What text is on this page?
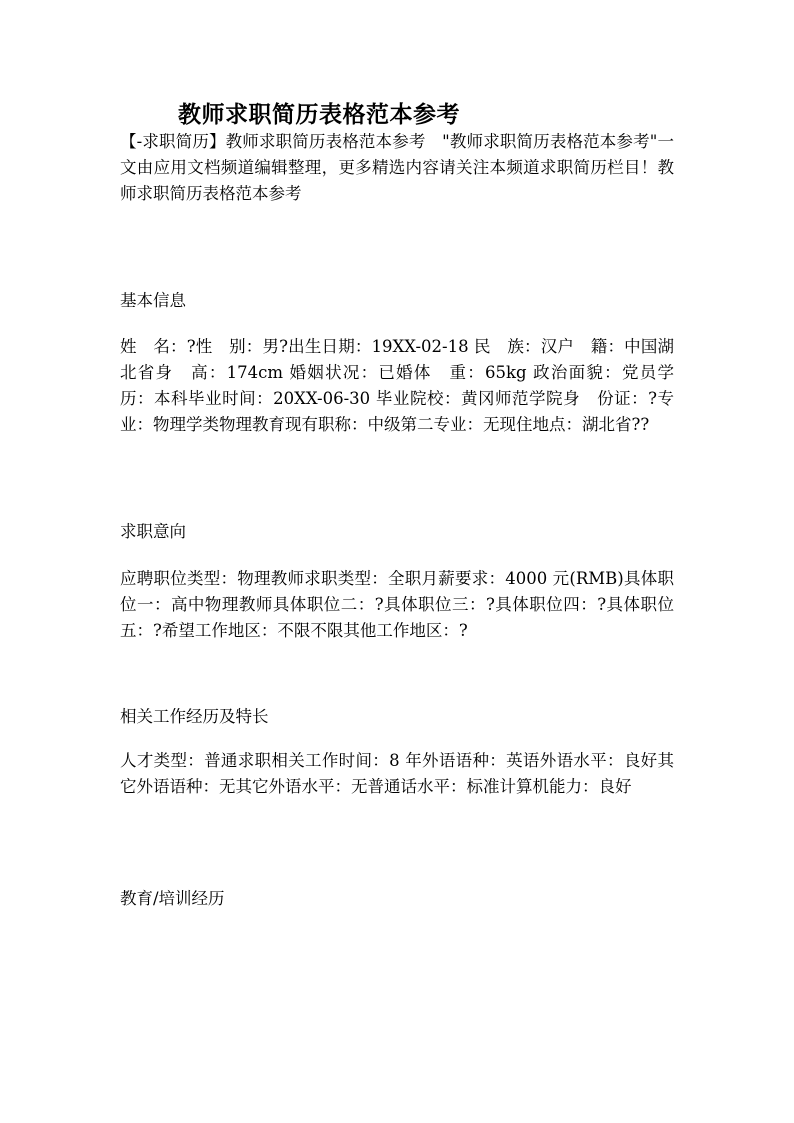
教师求职简历表格范本参考
【-求职简历】教师求职简历表格范本参考　"教师求职简历表格范本参考"一文由应用文档频道编辑整理，更多精选内容请关注本频道求职简历栏目！教师求职简历表格范本参考
基本信息
姓　名：?性　别：男?出生日期：19XX-02-18 民　族：汉户　籍：中国湖北省身　高：174cm 婚姻状况：已婚体　重：65kg 政治面貌：党员学　历：本科毕业时间：20XX-06-30 毕业院校：黄冈师范学院身　份证：?专　业：物理学类物理教育现有职称：中级第二专业：无现住地点：湖北省??
求职意向
应聘职位类型：物理教师求职类型：全职月薪要求：4000 元(RMB)具体职位一：高中物理教师具体职位二：?具体职位三：?具体职位四：?具体职位五：?希望工作地区：不限不限其他工作地区：?
相关工作经历及特长
人才类型：普通求职相关工作时间：8 年外语语种：英语外语水平：良好其它外语语种：无其它外语水平：无普通话水平：标准计算机能力：良好
教育/培训经历
